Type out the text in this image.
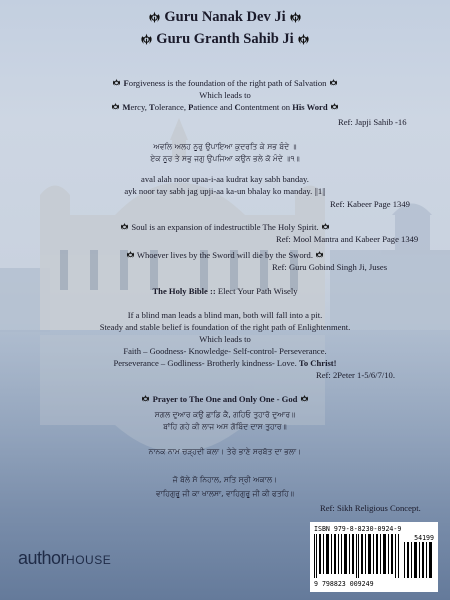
Guru Nanak Dev Ji
Guru Granth Sahib Ji
Forgiveness is the foundation of the right path of Salvation
Which leads to
Mercy, Tolerance, Patience and Contentment on His Word
Ref: Japji Sahib -16
ਅਵਲਿ ਅਲਹ ਨੂਰੁ ਉਪਾਇਆ ਕੁਦਰਤਿ ਕੇ ਸਭ ਬੰਦੇ ॥
ਏਕ ਨੂਰ ਤੇ ਸਭੁ ਜਗੁ ਉਪਜਿਆ ਕਉਨ ਭਲੇ ਕੋ ਮੰਦੇ ॥੧॥
aval alah noor upaa-i-aa kudrat kay sabh banday.
ayk noor tay sabh jag upji-aa ka-un bhalay ko manday. ||1||
Ref: Kabeer Page 1349
Soul is an expansion of indestructible The Holy Spirit.
Ref: Mool Mantra and Kabeer Page 1349
Whoever lives by the Sword will die by the Sword.
Ref: Guru Gobind Singh Ji, Juses
The Holy Bible :: Elect Your Path Wisely
If a blind man leads a blind man, both will fall into a pit.
Steady and stable belief is foundation of the right path of Enlightenment.
Which leads to
Faith – Goodness- Knowledge- Self-control- Perseverance.
Perseverance – Godliness- Brotherly kindness- Love. To Christ!
Ref: 2Peter 1-5/6/7/10.
Prayer to The One and Only One - God
ਸਗਲ ਦੁਆਰ ਕਉ ਛਾਡਿ ਕੈ, ਗਹਿਓ ਤੁਹਾਰੋ ਦੁਆਰ॥
ਬਾਂਹਿ ਗਹੇ ਕੀ ਲਾਜ ਅਸ ਗੋਬਿੰਦ ਦਾਸ ਤੁਹਾਰ॥
ਨਾਨਕ ਨਾਮ ਚੜ੍ਹਦੀ ਕਲਾ। ਤੇਰੇ ਭਾਣੇ ਸਰਬੱਤ ਦਾ ਭਲਾ।
ਜੋ ਬੋਲੇ ਸੋ ਨਿਹਾਲ, ਸਤਿ ਸ੍ਰੀ ਅਕਾਲ।
ਵਾਹਿਗੁਰੂ ਜੀ ਕਾ ਖਾਲਸਾ, ਵਾਹਿਗੁਰੂ ਜੀ ਕੀ ਫਤਹਿ॥
Ref: Sikh Religious Concept.
authorHOUSE
ISBN 979-8-8230-0924-9
54199
9 798823 009249
